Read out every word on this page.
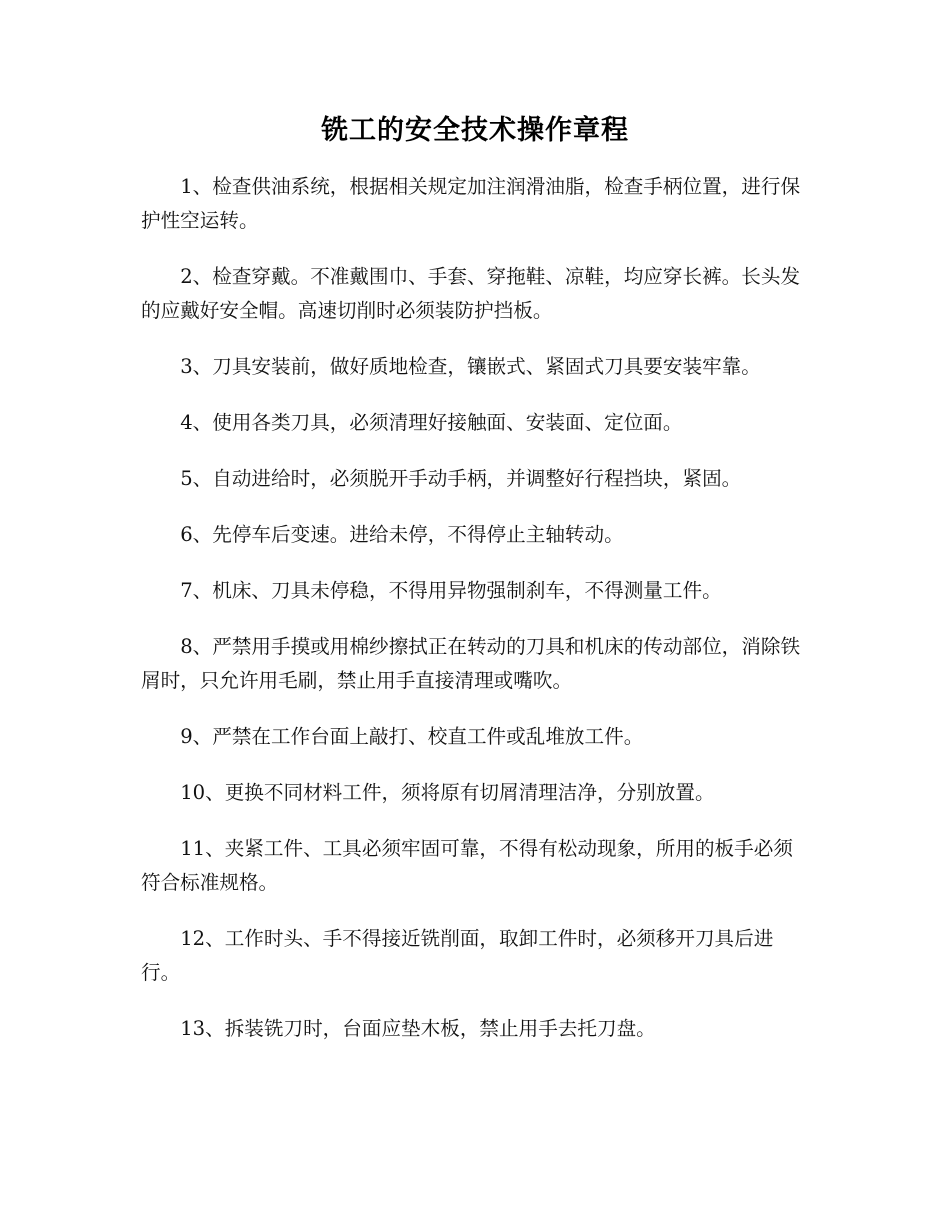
铣工的安全技术操作章程

1、检查供油系统，根据相关规定加注润滑油脂，检查手柄位置，进行保护性空运转。

2、检查穿戴。不准戴围巾、手套、穿拖鞋、凉鞋，均应穿长裤。长头发的应戴好安全帽。高速切削时必须装防护挡板。

3、刀具安装前，做好质地检查，镶嵌式、紧固式刀具要安装牢靠。

4、使用各类刀具，必须清理好接触面、安装面、定位面。

5、自动进给时，必须脱开手动手柄，并调整好行程挡块，紧固。

6、先停车后变速。进给未停，不得停止主轴转动。

7、机床、刀具未停稳，不得用异物强制刹车，不得测量工件。

8、严禁用手摸或用棉纱擦拭正在转动的刀具和机床的传动部位，消除铁屑时，只允许用毛刷，禁止用手直接清理或嘴吹。

9、严禁在工作台面上敲打、校直工件或乱堆放工件。

10、更换不同材料工件，须将原有切屑清理洁净，分别放置。

11、夹紧工件、工具必须牢固可靠，不得有松动现象，所用的板手必须符合标准规格。

12、工作时头、手不得接近铣削面，取卸工件时，必须移开刀具后进行。

13、拆装铣刀时，台面应垫木板，禁止用手去托刀盘。
